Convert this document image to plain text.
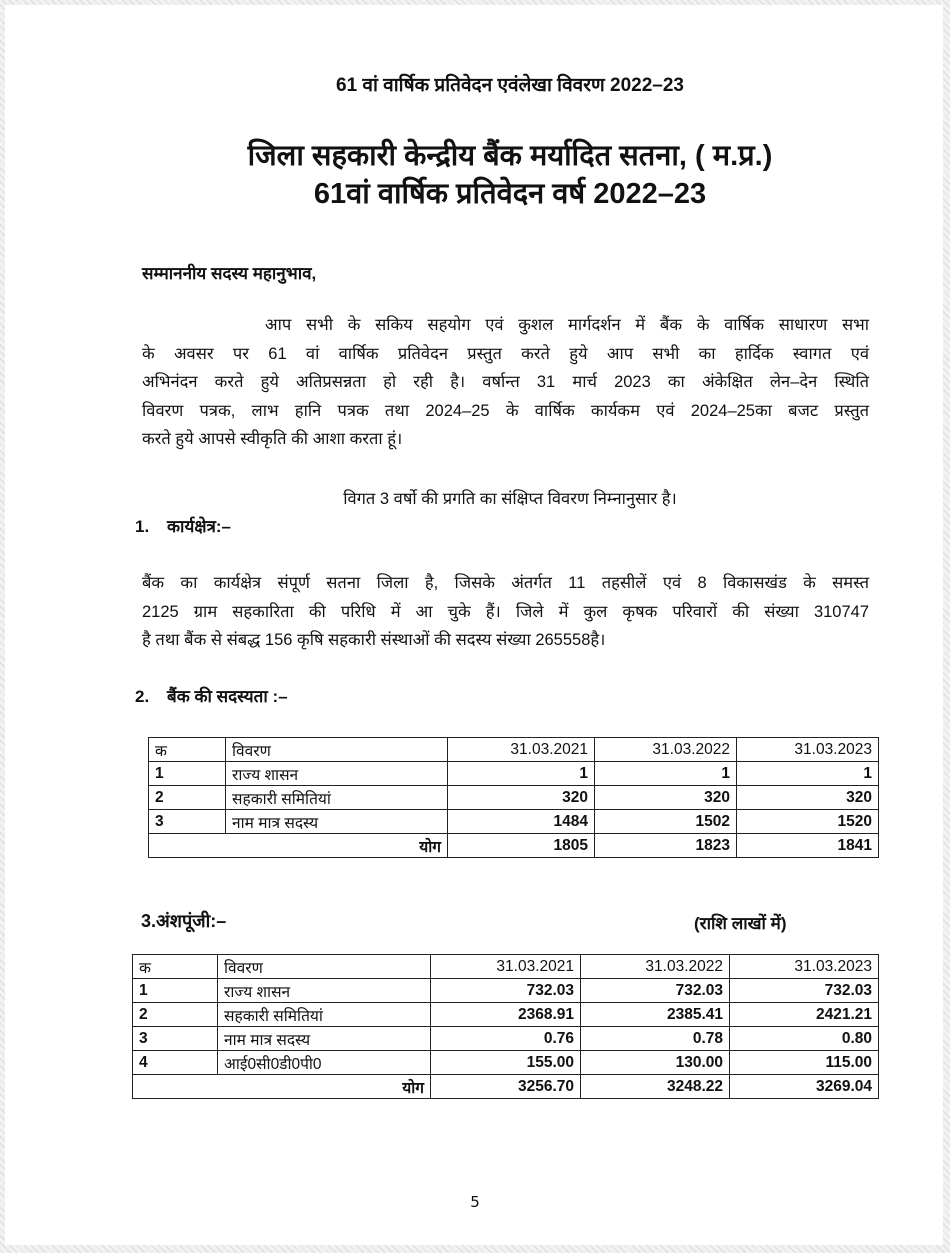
61 वां वार्षिक प्रतिवेदन एवंलेखा विवरण 2022–23
जिला सहकारी केन्द्रीय बैंक मर्यादित सतना, ( म.प्र.)
61वां वार्षिक प्रतिवेदन वर्ष 2022–23
सम्माननीय सदस्य महानुभाव,
आप सभी के सकिय सहयोग एवं कुशल मार्गदर्शन में बैंक के वार्षिक साधारण सभा
के अवसर पर 61 वां वार्षिक प्रतिवेदन प्रस्तुत करते हुये आप सभी का हार्दिक स्वागत एवं
अभिनंदन करते हुये अतिप्रसन्नता हो रही है। वर्षान्त 31 मार्च 2023 का अंकेक्षित लेन–देन स्थिति
विवरण पत्रक, लाभ हानि पत्रक तथा 2024–25 के वार्षिक कार्यकम एवं 2024–25का बजट प्रस्तुत
करते हुये आपसे स्वीकृति की आशा करता हूं।
विगत 3 वर्षो की प्रगति का संक्षिप्त विवरण निम्नानुसार है।
1. कार्यक्षेत्र:–
बैंक का कार्यक्षेत्र संपूर्ण सतना जिला है, जिसके अंतर्गत 11 तहसीलें एवं 8 विकासखंड के समस्त
2125 ग्राम सहकारिता की परिधि में आ चुके हैं। जिले में कुल कृषक परिवारों की संख्या 310747
है तथा बैंक से संबद्ध 156 कृषि सहकारी संस्थाओं की सदस्य संख्या 265558है।
2. बैंक की सदस्यता :–
क	विवरण	31.03.2021	31.03.2022	31.03.2023
1	राज्य शासन	1	1	1
2	सहकारी समितियां	320	320	320
3	नाम मात्र सदस्य	1484	1502	1520
योग		1805	1823	1841
3.अंशपूंजी:–	(राशि लाखों में)
क	विवरण	31.03.2021	31.03.2022	31.03.2023
1	राज्य शासन	732.03	732.03	732.03
2	सहकारी समितियां	2368.91	2385.41	2421.21
3	नाम मात्र सदस्य	0.76	0.78	0.80
4	आई0सी0डी0पी0	155.00	130.00	115.00
योग		3256.70	3248.22	3269.04
5
